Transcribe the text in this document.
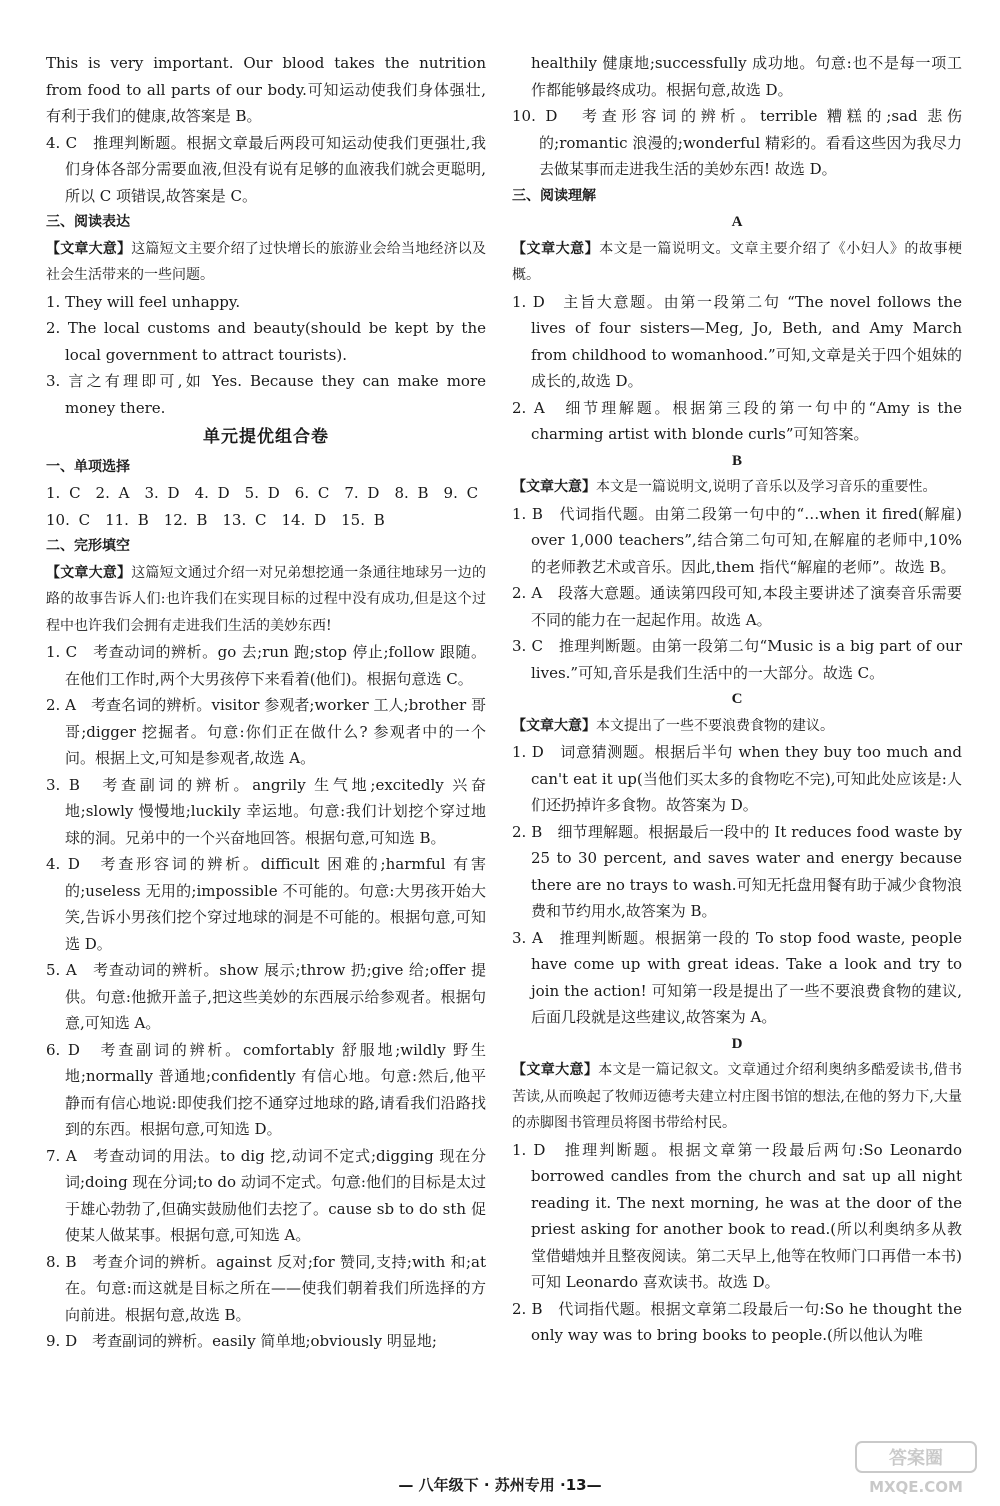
This is very important. Our blood takes the nutrition from food to all parts of our body.可知运动使我们身体强壮,有利于我们的健康,故答案是 B。

4. C　推理判断题。根据文章最后两段可知运动使我们更强壮,我们身体各部分需要血液,但没有说有足够的血液我们就会更聪明,所以 C 项错误,故答案是 C。

三、阅读表达

【文章大意】这篇短文主要介绍了过快增长的旅游业会给当地经济以及社会生活带来的一些问题。

1. They will feel unhappy.

2. The local customs and beauty(should be kept by the local government to attract tourists).

3. 言之有理即可,如 Yes. Because they can make more money there.

单元提优组合卷

一、单项选择

1. C　2. A　3. D　4. D　5. D　6. C　7. D　8. B　9. C

10. C　11. B　12. B　13. C　14. D　15. B

二、完形填空

【文章大意】这篇短文通过介绍一对兄弟想挖通一条通往地球另一边的路的故事告诉人们:也许我们在实现目标的过程中没有成功,但是这个过程中也许我们会拥有走进我们生活的美妙东西!

1. C　考查动词的辨析。go 去;run 跑;stop 停止;follow 跟随。在他们工作时,两个大男孩停下来看着(他们)。根据句意选 C。

2. A　考查名词的辨析。visitor 参观者;worker 工人;brother 哥哥;digger 挖掘者。句意:你们正在做什么? 参观者中的一个问。根据上文,可知是参观者,故选 A。

3. B　考查副词的辨析。angrily 生气地;excitedly 兴奋地;slowly 慢慢地;luckily 幸运地。句意:我们计划挖个穿过地球的洞。兄弟中的一个兴奋地回答。根据句意,可知选 B。

4. D　考查形容词的辨析。difficult 困难的;harmful 有害的;useless 无用的;impossible 不可能的。句意:大男孩开始大笑,告诉小男孩们挖个穿过地球的洞是不可能的。根据句意,可知选 D。

5. A　考查动词的辨析。show 展示;throw 扔;give 给;offer 提供。句意:他掀开盖子,把这些美妙的东西展示给参观者。根据句意,可知选 A。

6. D　考查副词的辨析。comfortably 舒服地;wildly 野生地;normally 普通地;confidently 有信心地。句意:然后,他平静而有信心地说:即使我们挖不通穿过地球的路,请看我们沿路找到的东西。根据句意,可知选 D。

7. A　考查动词的用法。to dig 挖,动词不定式;digging 现在分词;doing 现在分词;to do 动词不定式。句意:他们的目标是太过于雄心勃勃了,但确实鼓励他们去挖了。cause sb to do sth 促使某人做某事。根据句意,可知选 A。

8. B　考查介词的辨析。against 反对;for 赞同,支持;with 和;at 在。句意:而这就是目标之所在——使我们朝着我们所选择的方向前进。根据句意,故选 B。

9. D　考查副词的辨析。easily 简单地;obviously 明显地;

healthily 健康地;successfully 成功地。句意:也不是每一项工作都能够最终成功。根据句意,故选 D。

10. D　考查形容词的辨析。terrible 糟糕的;sad 悲伤的;romantic 浪漫的;wonderful 精彩的。看看这些因为我尽力去做某事而走进我生活的美妙东西! 故选 D。

三、阅读理解

A

【文章大意】本文是一篇说明文。文章主要介绍了《小妇人》的故事梗概。

1. D　主旨大意题。由第一段第二句 “The novel follows the lives of four sisters—Meg, Jo, Beth, and Amy March from childhood to womanhood.”可知,文章是关于四个姐妹的成长的,故选 D。

2. A　细节理解题。根据第三段的第一句中的“Amy is the charming artist with blonde curls”可知答案。

B

【文章大意】本文是一篇说明文,说明了音乐以及学习音乐的重要性。

1. B　代词指代题。由第二段第一句中的“…when it fired(解雇) over 1,000 teachers”,结合第二句可知,在解雇的老师中,10%的老师教艺术或音乐。因此,them 指代“解雇的老师”。故选 B。

2. A　段落大意题。通读第四段可知,本段主要讲述了演奏音乐需要不同的能力在一起起作用。故选 A。

3. C　推理判断题。由第一段第二句“Music is a big part of our lives.”可知,音乐是我们生活中的一大部分。故选 C。

C

【文章大意】本文提出了一些不要浪费食物的建议。

1. D　词意猜测题。根据后半句 when they buy too much and can't eat it up(当他们买太多的食物吃不完),可知此处应该是:人们还扔掉许多食物。故答案为 D。

2. B　细节理解题。根据最后一段中的 It reduces food waste by 25 to 30 percent, and saves water and energy because there are no trays to wash.可知无托盘用餐有助于减少食物浪费和节约用水,故答案为 B。

3. A　推理判断题。根据第一段的 To stop food waste, people have come up with great ideas. Take a look and try to join the action! 可知第一段是提出了一些不要浪费食物的建议,后面几段就是这些建议,故答案为 A。

D

【文章大意】本文是一篇记叙文。文章通过介绍利奥纳多酷爱读书,借书苦读,从而唤起了牧师迈德考夫建立村庄图书馆的想法,在他的努力下,大量的赤脚图书管理员将图书带给村民。

1. D　推理判断题。根据文章第一段最后两句:So Leonardo borrowed candles from the church and sat up all night reading it. The next morning, he was at the door of the priest asking for another book to read.(所以利奥纳多从教堂借蜡烛并且整夜阅读。第二天早上,他等在牧师门口再借一本书)可知 Leonardo 喜欢读书。故选 D。

2. B　代词指代题。根据文章第二段最后一句:So he thought the only way was to bring books to people.(所以他认为唯

— 八年级下 · 苏州专用 ·13—
答案圈
MXQE.COM
